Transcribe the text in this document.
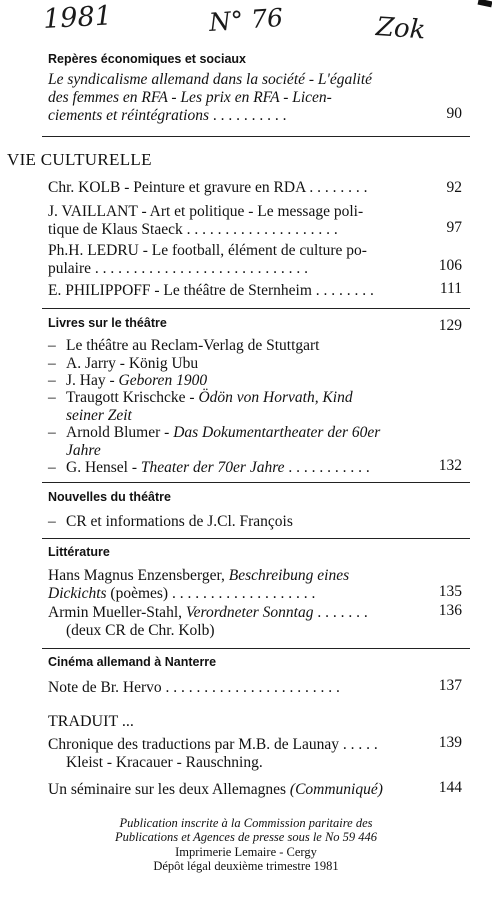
1981	N° 76	Zok
Repères économiques et sociaux
Le syndicalisme allemand dans la société - L'égalité
des femmes en RFA - Les prix en RFA - Licen-
ciements et réintégrations . . . . . . . . . .	90
VIE CULTURELLE
Chr. KOLB - Peinture et gravure en RDA . . . . . . . .	92
J. VAILLANT - Art et politique - Le message poli-
tique de Klaus Staeck . . . . . . . . . . . . . . . . . . . .	97
Ph.H. LEDRU - Le football, élément de culture po-
pulaire . . . . . . . . . . . . . . . . . . . . . . . . . . . .	106
E. PHILIPPOFF - Le théâtre de Sternheim . . . . . . . .	111
Livres sur le théâtre	129
– Le théâtre au Reclam-Verlag de Stuttgart
– A. Jarry - König Ubu
– J. Hay - Geboren 1900
– Traugott Krischcke - Ödön von Horvath, Kind
seiner Zeit
– Arnold Blumer - Das Dokumentartheater der 60er
Jahre
– G. Hensel - Theater der 70er Jahre . . . . . . . . . . .	132
Nouvelles du théâtre
– CR et informations de J.Cl. François
Littérature
Hans Magnus Enzensberger, Beschreibung eines
Dickichts (poèmes) . . . . . . . . . . . . . . . . . . .	135
Armin Mueller-Stahl, Verordneter Sonntag . . . . . . .	136
(deux CR de Chr. Kolb)
Cinéma allemand à Nanterre
Note de Br. Hervo . . . . . . . . . . . . . . . . . . . . . . .	137
TRADUIT ...
Chronique des traductions par M.B. de Launay . . . . .	139
Kleist - Kracauer - Rauschning.
Un séminaire sur les deux Allemagnes (Communiqué)	144
Publication inscrite à la Commission paritaire des
Publications et Agences de presse sous le No 59 446
Imprimerie Lemaire - Cergy
Dépôt légal deuxième trimestre 1981
